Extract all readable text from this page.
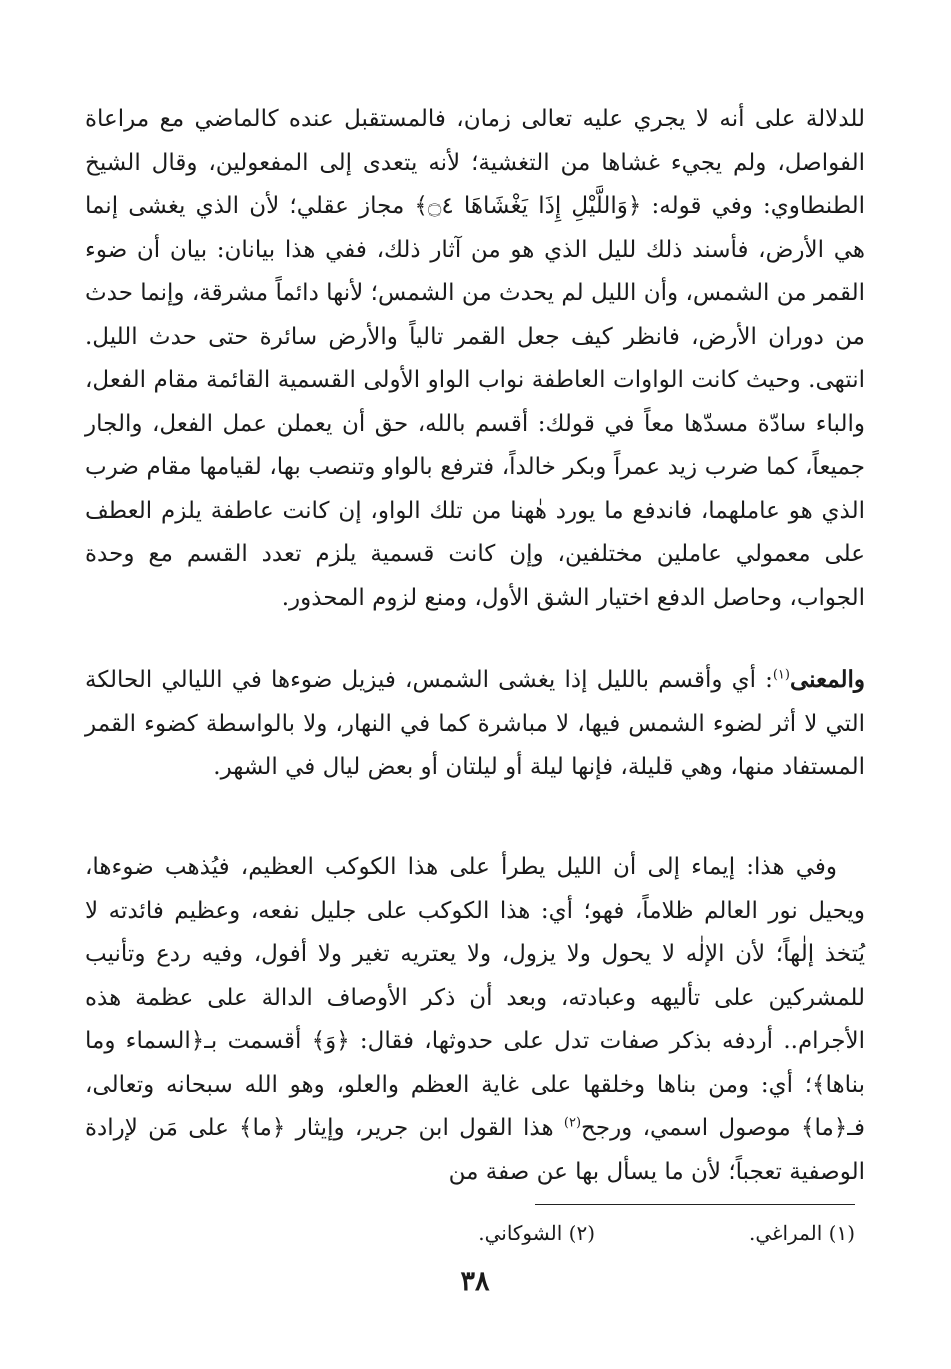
للدلالة على أنه لا يجري عليه تعالى زمان، فالمستقبل عنده كالماضي مع مراعاة الفواصل، ولم يجيء غشاها من التغشية؛ لأنه يتعدى إلى المفعولين، وقال الشيخ الطنطاوي: وفي قوله: ﴿وَاللَّيْلِ إِذَا يَغْشَاهَا ۝٤﴾ مجاز عقلي؛ لأن الذي يغشى إنما هي الأرض، فأسند ذلك لليل الذي هو من آثار ذلك، ففي هذا بيانان: بيان أن ضوء القمر من الشمس، وأن الليل لم يحدث من الشمس؛ لأنها دائماً مشرقة، وإنما حدث من دوران الأرض، فانظر كيف جعل القمر تالياً والأرض سائرة حتى حدث الليل. انتهى. وحيث كانت الواوات العاطفة نواب الواو الأولى القسمية القائمة مقام الفعل، والباء سادّة مسدّها معاً في قولك: أقسم بالله، حق أن يعملن عمل الفعل، والجار جميعاً، كما ضرب زيد عمراً وبكر خالداً، فترفع بالواو وتنصب بها، لقيامها مقام ضرب الذي هو عاملهما، فاندفع ما يورد هٰهنا من تلك الواو، إن كانت عاطفة يلزم العطف على معمولي عاملين مختلفين، وإن كانت قسمية يلزم تعدد القسم مع وحدة الجواب، وحاصل الدفع اختيار الشق الأول، ومنع لزوم المحذور.

والمعنى$^{(١)}$: أي وأقسم بالليل إذا يغشى الشمس، فيزيل ضوءها في الليالي الحالكة التي لا أثر لضوء الشمس فيها، لا مباشرة كما في النهار، ولا بالواسطة كضوء القمر المستفاد منها، وهي قليلة، فإنها ليلة أو ليلتان أو بعض ليال في الشهر.

وفي هذا: إيماء إلى أن الليل يطرأ على هذا الكوكب العظيم، فيُذهب ضوءها، ويحيل نور العالم ظلاماً، فهو؛ أي: هذا الكوكب على جليل نفعه، وعظيم فائدته لا يُتخذ إلٰهاً؛ لأن الإلٰه لا يحول ولا يزول، ولا يعتريه تغير ولا أفول، وفيه ردع وتأنيب للمشركين على تأليهه وعبادته، وبعد أن ذكر الأوصاف الدالة على عظمة هذه الأجرام.. أردفه بذكر صفات تدل على حدوثها، فقال: ﴿وَ﴾ أقسمت بـ﴿السماء وما بناها﴾؛ أي: ومن بناها وخلقها على غاية العظم والعلو، وهو الله سبحانه وتعالى، فـ﴿ما﴾ موصول اسمي، ورجح$^{(٢)}$ هذا القول ابن جرير، وإيثار ﴿ما﴾ على مَن لإرادة الوصفية تعجباً؛ لأن ما يسأل بها عن صفة من

(١) المراغي.
(٢) الشوكاني.
٣٨
